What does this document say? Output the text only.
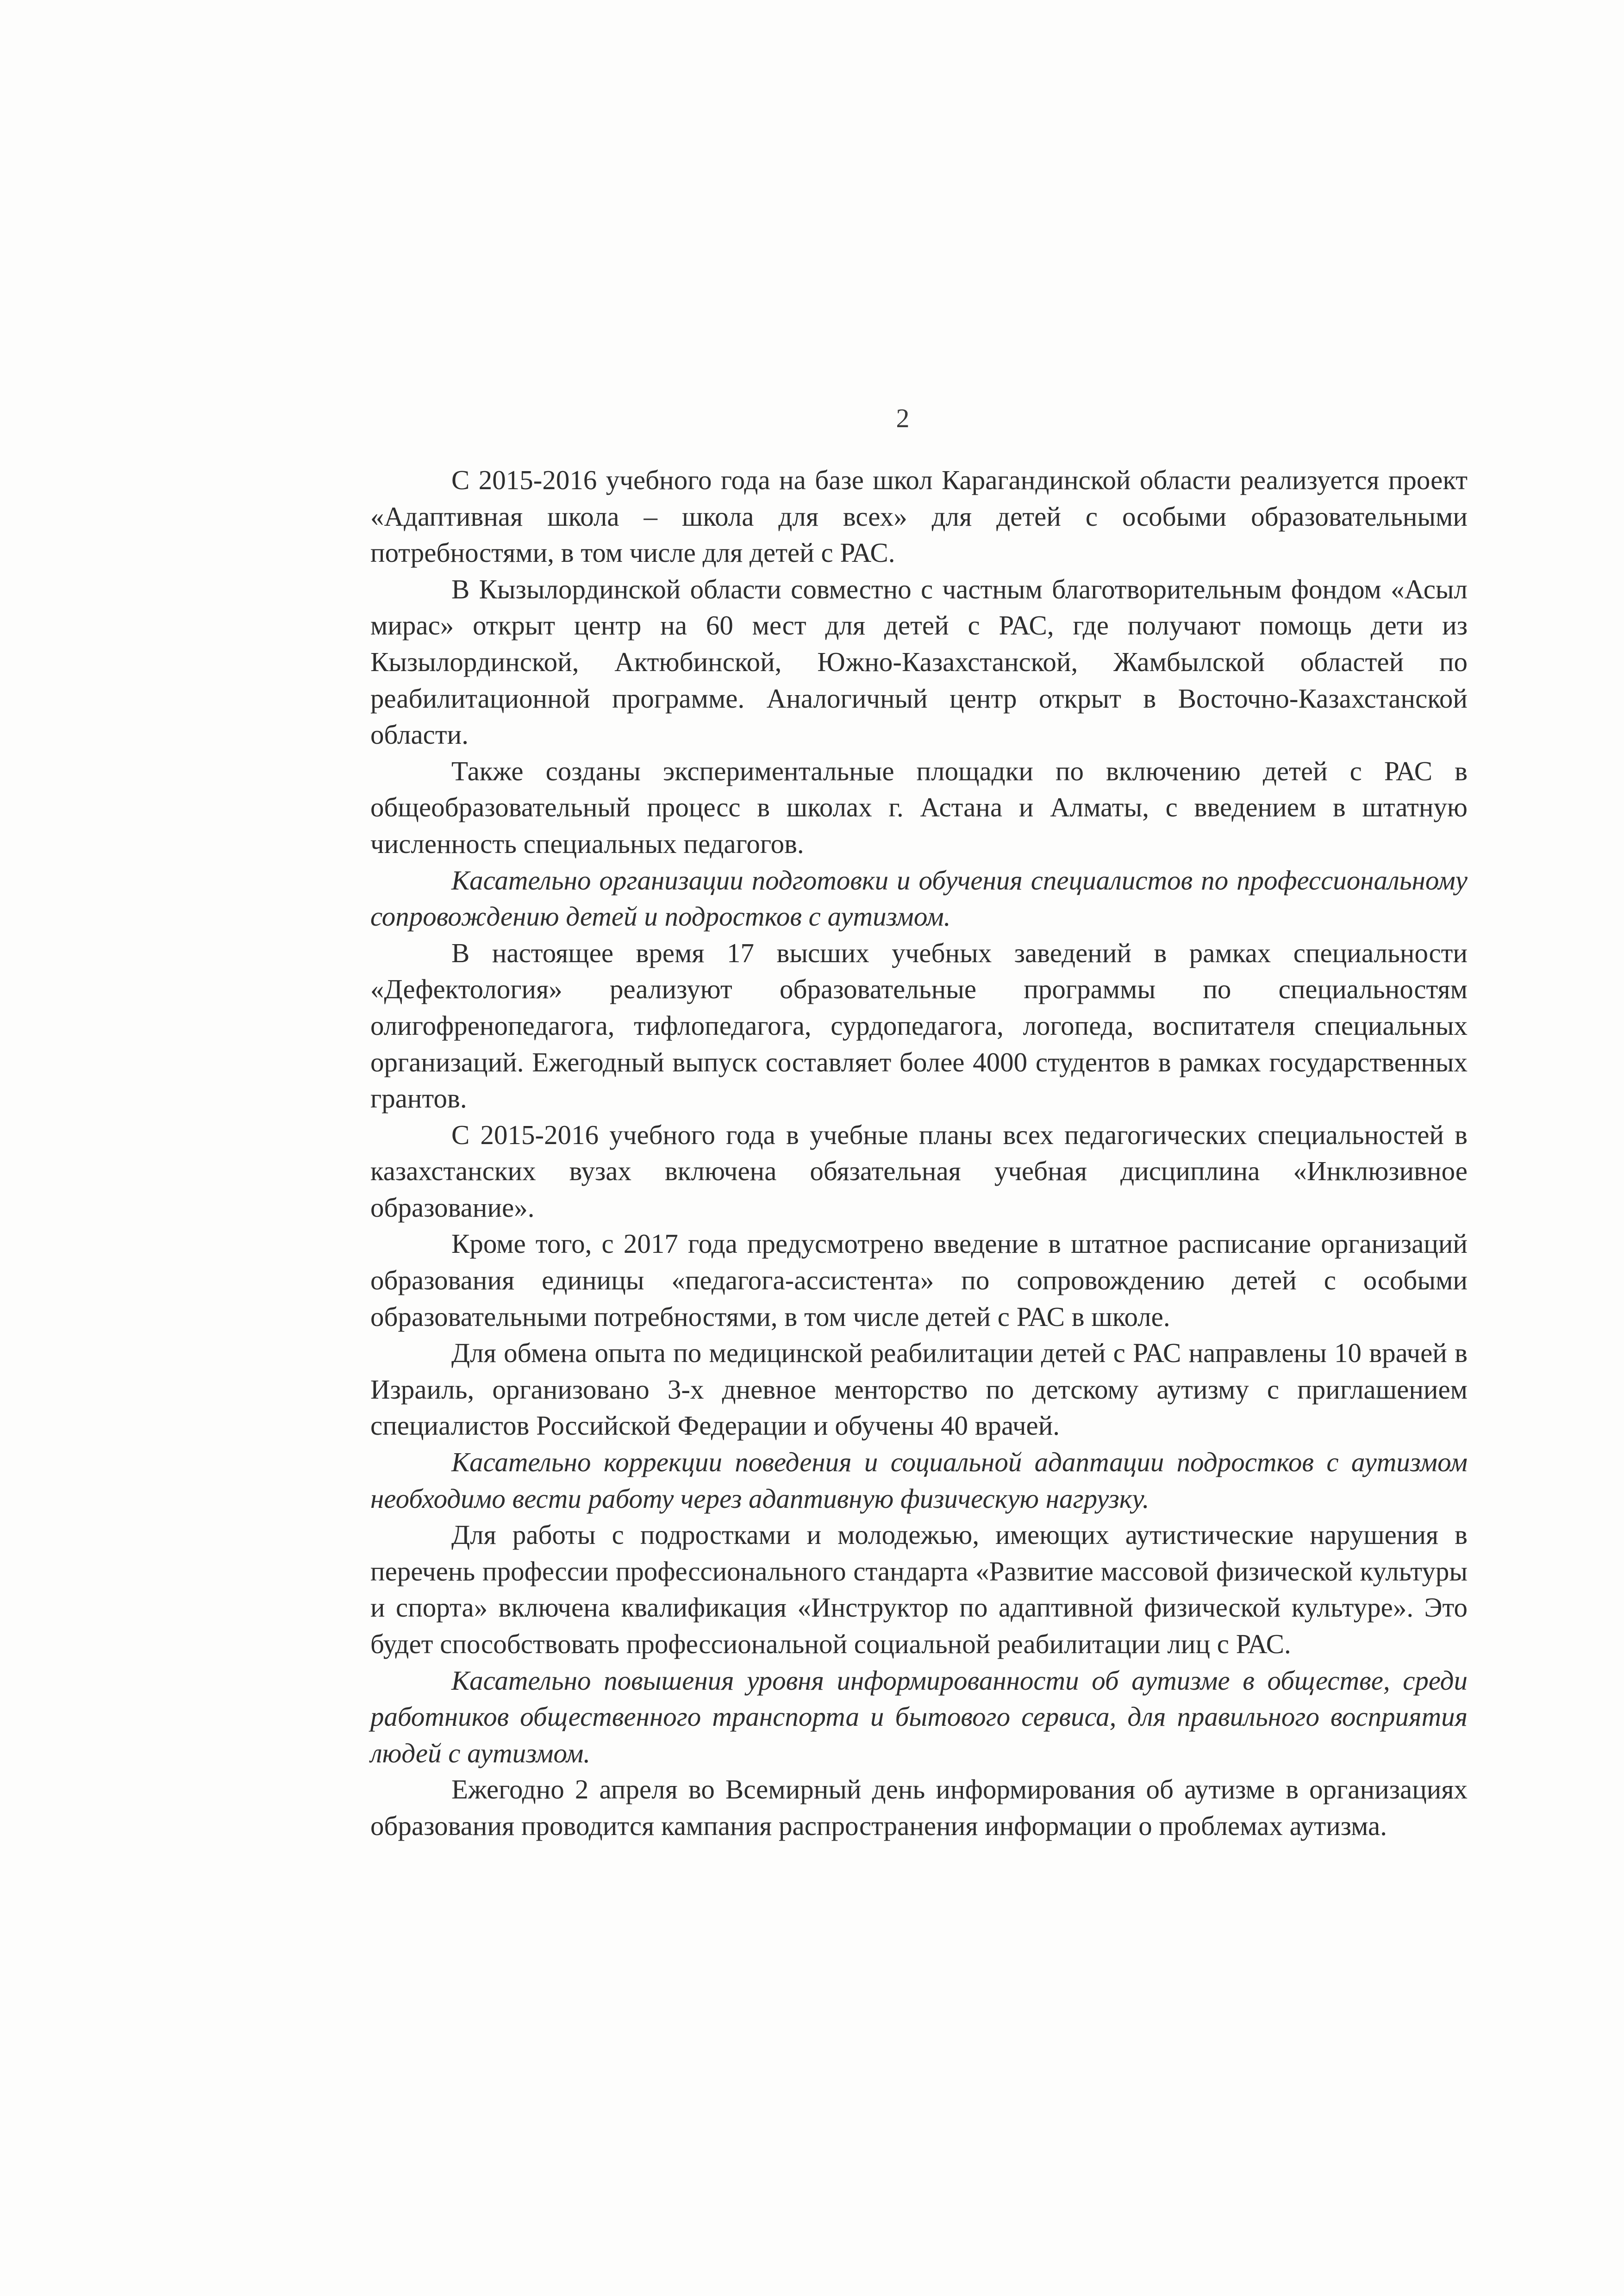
2

С 2015-2016 учебного года на базе школ Карагандинской области реализуется проект «Адаптивная школа – школа для всех» для детей с особыми образовательными потребностями, в том числе для детей с РАС.

В Кызылординской области совместно с частным благотворительным фондом «Асыл мирас» открыт центр на 60 мест для детей с РАС, где получают помощь дети из Кызылординской, Актюбинской, Южно-Казахстанской, Жамбылской областей по реабилитационной программе. Аналогичный центр открыт в Восточно-Казахстанской области.

Также созданы экспериментальные площадки по включению детей с РАС в общеобразовательный процесс в школах г. Астана и Алматы, с введением в штатную численность специальных педагогов.

Касательно организации подготовки и обучения специалистов по профессиональному сопровождению детей и подростков с аутизмом.

В настоящее время 17 высших учебных заведений в рамках специальности «Дефектология» реализуют образовательные программы по специальностям олигофренопедагога, тифлопедагога, сурдопедагога, логопеда, воспитателя специальных организаций. Ежегодный выпуск составляет более 4000 студентов в рамках государственных грантов.

С 2015-2016 учебного года в учебные планы всех педагогических специальностей в казахстанских вузах включена обязательная учебная дисциплина «Инклюзивное образование».

Кроме того, с 2017 года предусмотрено введение в штатное расписание организаций образования единицы «педагога-ассистента» по сопровождению детей с особыми образовательными потребностями, в том числе детей с РАС в школе.

Для обмена опыта по медицинской реабилитации детей с РАС направлены 10 врачей в Израиль, организовано 3-х дневное менторство по детскому аутизму с приглашением специалистов Российской Федерации и обучены 40 врачей.

Касательно коррекции поведения и социальной адаптации подростков с аутизмом необходимо вести работу через адаптивную физическую нагрузку.

Для работы с подростками и молодежью, имеющих аутистические нарушения в перечень профессии профессионального стандарта «Развитие массовой физической культуры и спорта» включена квалификация «Инструктор по адаптивной физической культуре». Это будет способствовать профессиональной социальной реабилитации лиц с РАС.

Касательно повышения уровня информированности об аутизме в обществе, среди работников общественного транспорта и бытового сервиса, для правильного восприятия людей с аутизмом.

Ежегодно 2 апреля во Всемирный день информирования об аутизме в организациях образования проводится кампания распространения информации о проблемах аутизма.
